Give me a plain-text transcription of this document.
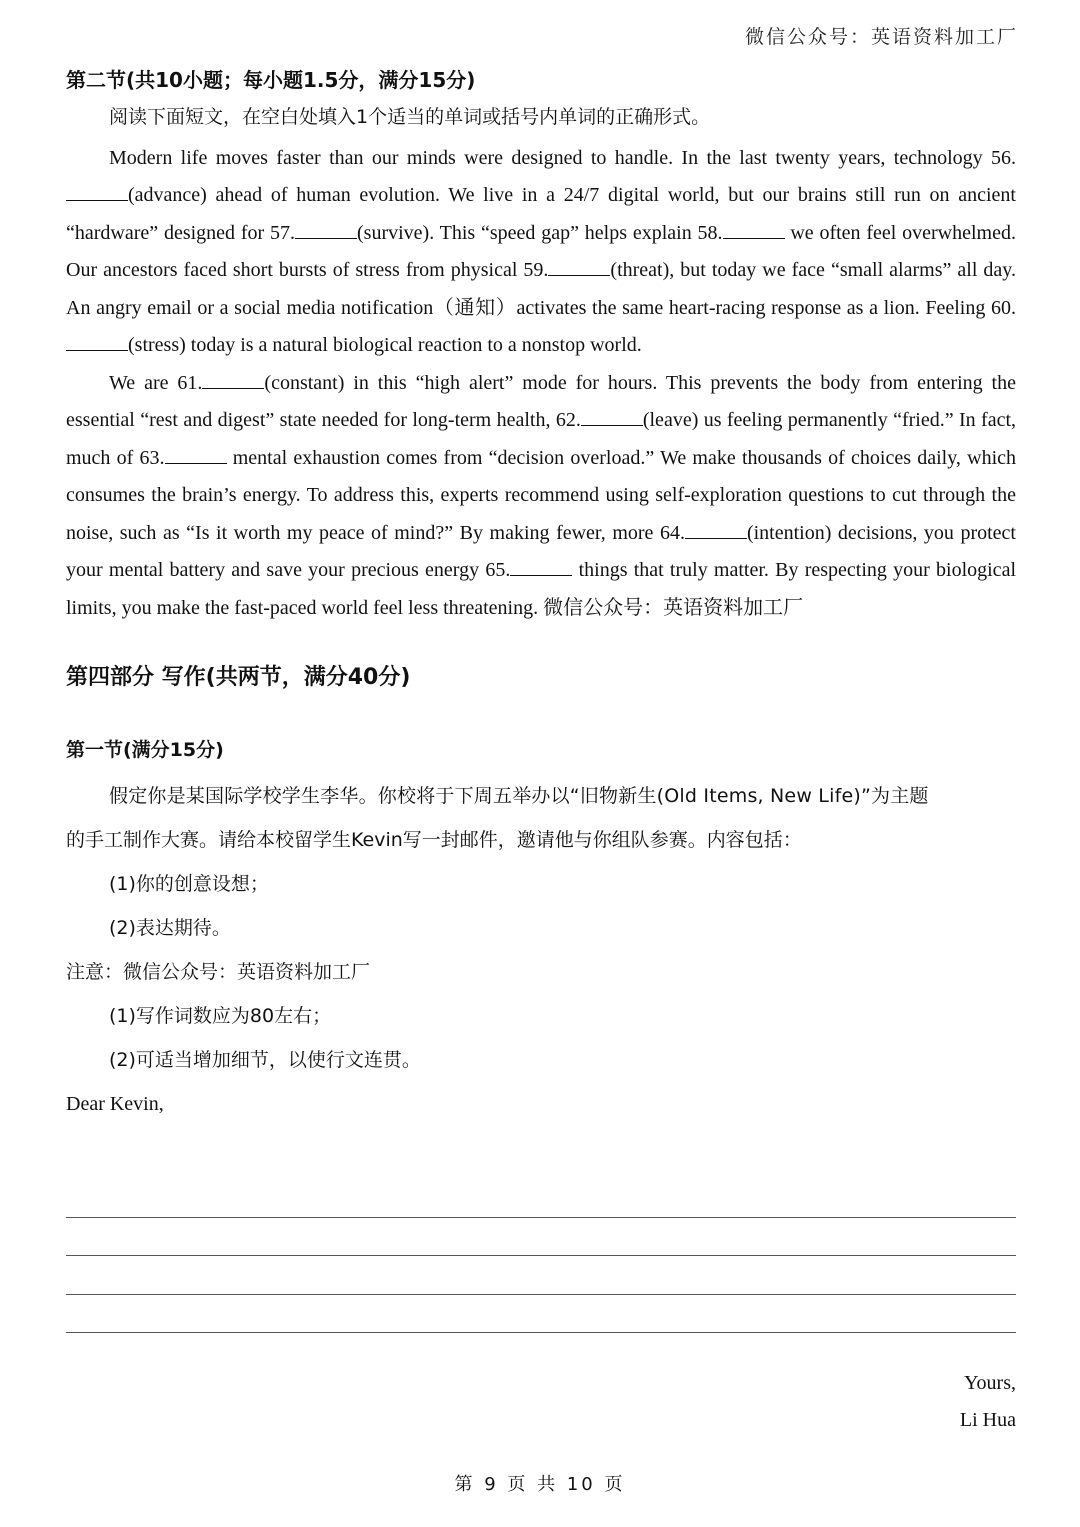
微信公众号：英语资料加工厂
第二节(共10小题；每小题1.5分，满分15分)

阅读下面短文，在空白处填入1个适当的单词或括号内单词的正确形式。

Modern life moves faster than our minds were designed to handle. In the last twenty years, technology 56.(advance) ahead of human evolution. We live in a 24/7 digital world, but our brains still run on ancient “hardware” designed for 57.	(survive). This “speed gap” helps explain 58.	we often feel overwhelmed. Our ancestors faced short bursts of stress from physical 59.	(threat), but today we face “small alarms” all day. An angry email or a social media notification（通知）activates the same heart-racing response as a lion. Feeling 60.(stress) today is a natural biological reaction to a nonstop world.

We are 61.	(constant) in this “high alert” mode for hours. This prevents the body from entering the essential “rest and digest” state needed for long-term health, 62.	(leave) us feeling permanently “fried.” In fact, much of 63.	mental exhaustion comes from “decision overload.” We make thousands of choices daily, which consumes the brain’s energy. To address this, experts recommend using self-exploration questions to cut through the noise, such as “Is it worth my peace of mind?” By making fewer, more 64.	(intention) decisions, you protect your mental battery and save your precious energy 65.	things that truly matter. By respecting your biological limits, you make the fast-paced world feel less threatening. 微信公众号：英语资料加工厂

第四部分 写作(共两节，满分40分)
第一节(满分15分)

假定你是某国际学校学生李华。你校将于下周五举办以“旧物新生(Old Items, New Life)”为主题

的手工制作大赛。请给本校留学生Kevin写一封邮件，邀请他与你组队参赛。内容包括：

(1)你的创意设想；

(2)表达期待。

注意：微信公众号：英语资料加工厂

(1)写作词数应为80左右；

(2)可适当增加细节，以使行文连贯。

Dear Kevin,

Yours,
Li Hua
第 9 页 共 10 页
